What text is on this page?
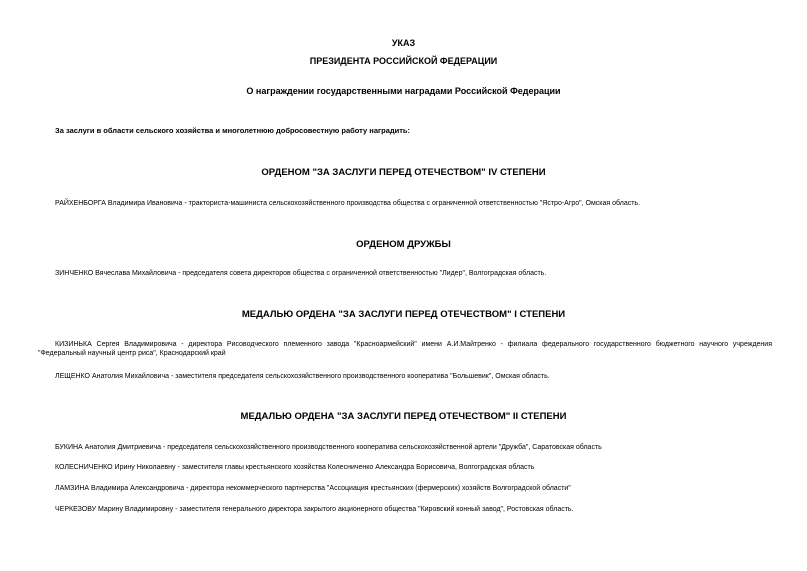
УКАЗ
ПРЕЗИДЕНТА РОССИЙСКОЙ ФЕДЕРАЦИИ
О награждении государственными наградами Российской Федерации
За заслуги в области сельского хозяйства и многолетнюю добросовестную работу наградить:
ОРДЕНОМ "ЗА ЗАСЛУГИ ПЕРЕД ОТЕЧЕСТВОМ" IV СТЕПЕНИ
РАЙХЕНБОРГА Владимира Ивановича - тракториста-машиниста сельскохозяйственного производства общества с ограниченной ответственностью "Ястро-Агро", Омская область.
ОРДЕНОМ ДРУЖБЫ
ЗИНЧЕНКО Вячеслава Михайловича - председателя совета директоров общества с ограниченной ответственностью "Лидер", Волгоградская область.
МЕДАЛЬЮ ОРДЕНА "ЗА ЗАСЛУГИ ПЕРЕД ОТЕЧЕСТВОМ" I СТЕПЕНИ
КИЗИНЬКА Сергея Владимировича - директора Рисоводческого племенного завода "Красноармейский" имени А.И.Майтренко - филиала федерального государственного бюджетного научного учреждения "Федеральный научный центр риса", Краснодарский край
ЛЕЩЕНКО Анатолия Михайловича - заместителя председателя сельскохозяйственного производственного кооператива "Большевик", Омская область.
МЕДАЛЬЮ ОРДЕНА "ЗА ЗАСЛУГИ ПЕРЕД ОТЕЧЕСТВОМ" II СТЕПЕНИ
БУКИНА Анатолия Дмитриевича - председателя сельскохозяйственного производственного кооператива сельскохозяйственной артели "Дружба", Саратовская область
КОЛЕСНИЧЕНКО Ирину Николаевну - заместителя главы крестьянского хозяйства Колесниченко Александра Борисовича, Волгоградская область
ЛАМЗИНА Владимира Александровича - директора некоммерческого партнерства "Ассоциация крестьянских (фермерских) хозяйств Волгоградской области"
ЧЕРКЕЗОВУ Марину Владимировну - заместителя генерального директора закрытого акционерного общества "Кировский конный завод", Ростовская область.
